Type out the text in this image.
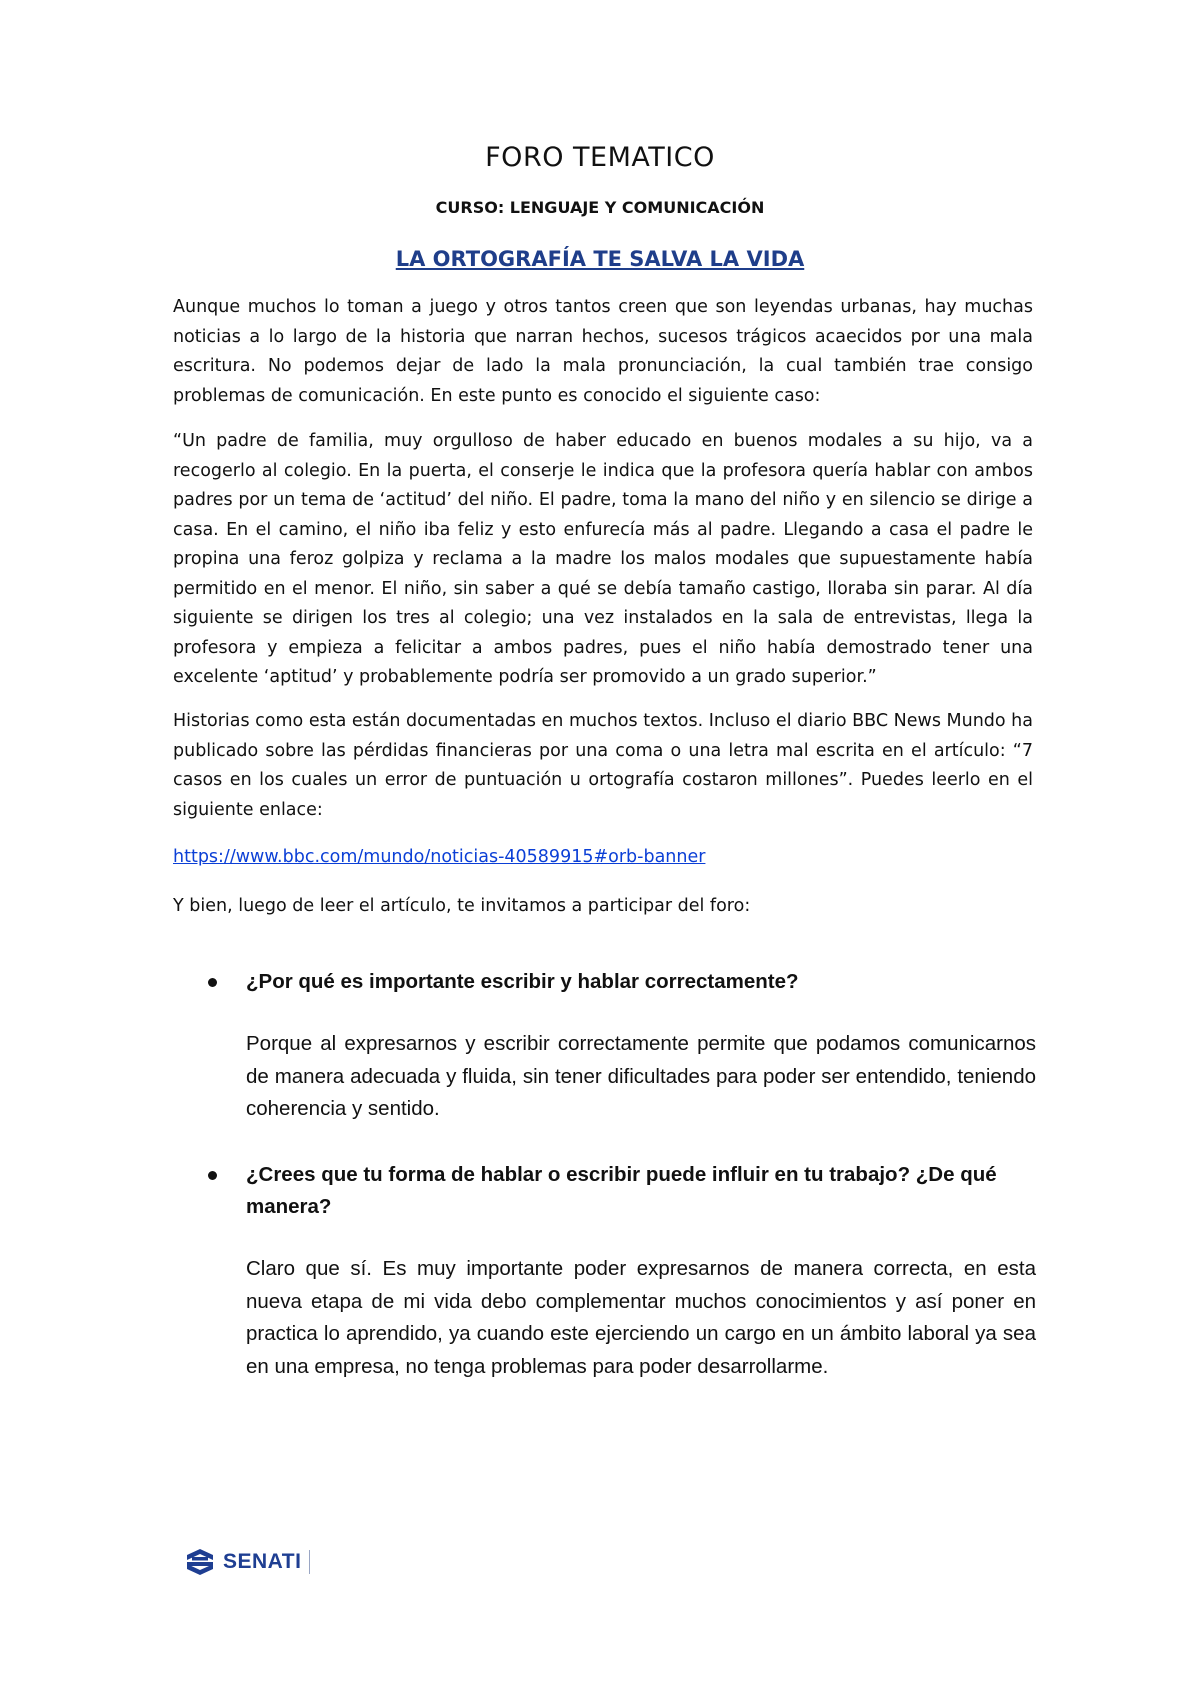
FORO TEMATICO
CURSO: LENGUAJE Y COMUNICACIÓN
LA ORTOGRAFÍA TE SALVA LA VIDA
Aunque muchos lo toman a juego y otros tantos creen que son leyendas urbanas, hay muchas noticias a lo largo de la historia que narran hechos, sucesos trágicos acaecidos por una mala escritura. No podemos dejar de lado la mala pronunciación, la cual también trae consigo problemas de comunicación. En este punto es conocido el siguiente caso:
“Un padre de familia, muy orgulloso de haber educado en buenos modales a su hijo, va a recogerlo al colegio. En la puerta, el conserje le indica que la profesora quería hablar con ambos padres por un tema de ‘actitud’ del niño. El padre, toma la mano del niño y en silencio se dirige a casa. En el camino, el niño iba feliz y esto enfurecía más al padre. Llegando a casa el padre le propina una feroz golpiza y reclama a la madre los malos modales que supuestamente había permitido en el menor. El niño, sin saber a qué se debía tamaño castigo, lloraba sin parar. Al día siguiente se dirigen los tres al colegio; una vez instalados en la sala de entrevistas, llega la profesora y empieza a felicitar a ambos padres, pues el niño había demostrado tener una excelente ‘aptitud’ y probablemente podría ser promovido a un grado superior.”
Historias como esta están documentadas en muchos textos. Incluso el diario BBC News Mundo ha publicado sobre las pérdidas financieras por una coma o una letra mal escrita en el artículo: “7 casos en los cuales un error de puntuación u ortografía costaron millones”. Puedes leerlo en el siguiente enlace:
https://www.bbc.com/mundo/noticias-40589915#orb-banner
Y bien, luego de leer el artículo, te invitamos a participar del foro:
¿Por qué es importante escribir y hablar correctamente?
Porque al expresarnos y escribir correctamente permite que podamos comunicarnos de manera adecuada y fluida, sin tener dificultades para poder ser entendido, teniendo coherencia y sentido.
¿Crees que tu forma de hablar o escribir puede influir en tu trabajo? ¿De qué manera?
Claro que sí. Es muy importante poder expresarnos de manera correcta, en esta nueva etapa de mi vida debo complementar muchos conocimientos y así poner en practica lo aprendido, ya cuando este ejerciendo un cargo en un ámbito laboral ya sea en una empresa, no tenga problemas para poder desarrollarme.
SENATI
